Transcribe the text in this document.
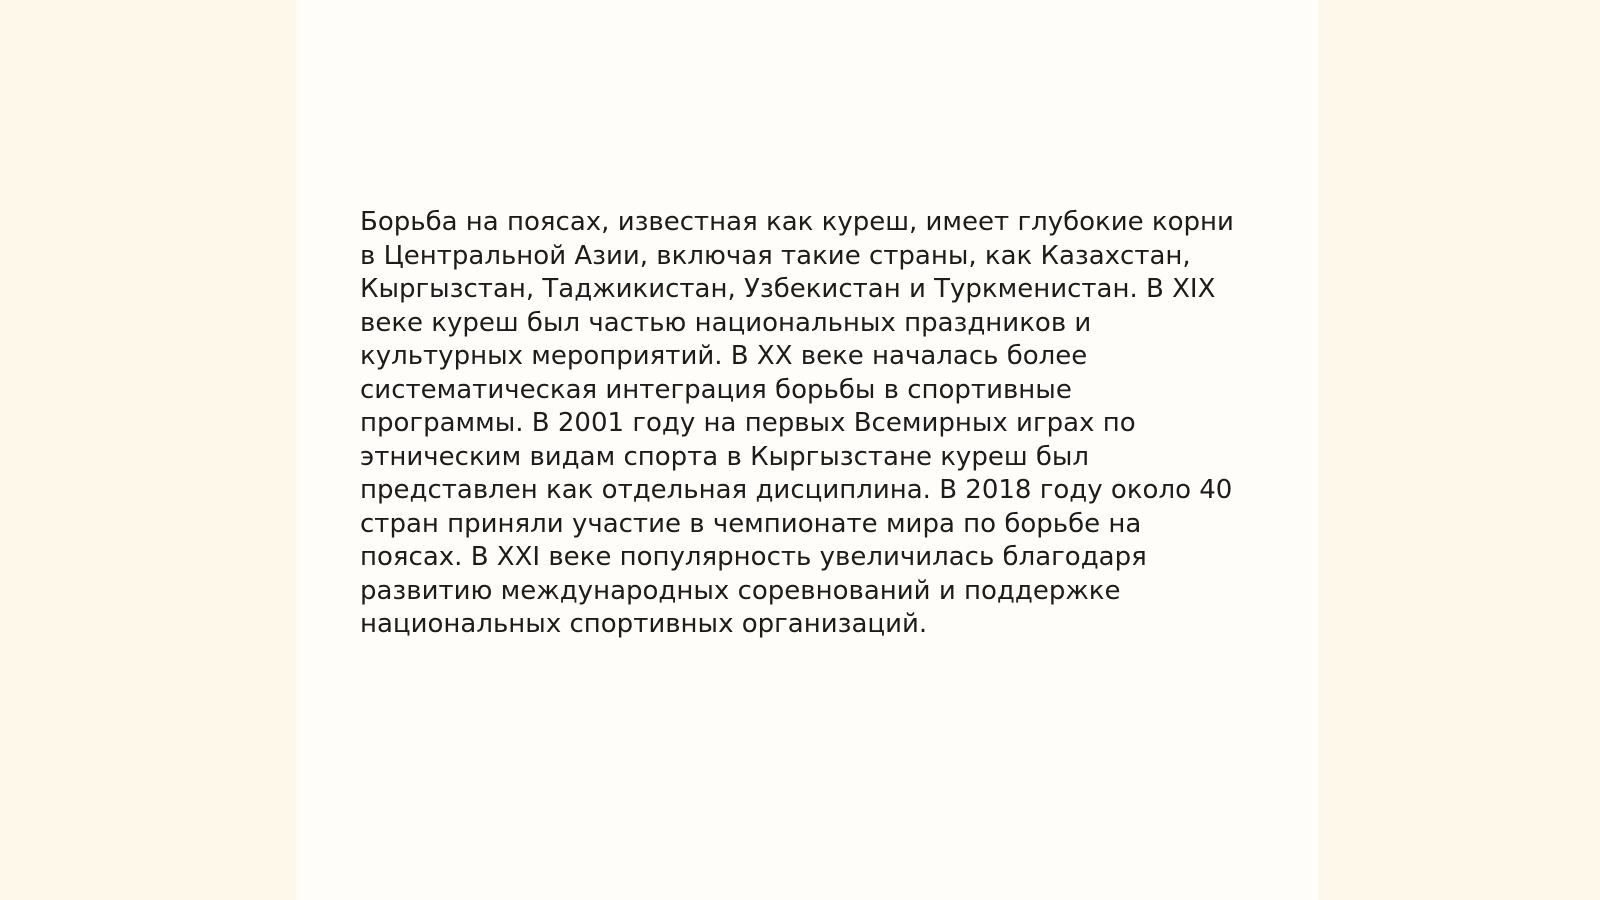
Борьба на поясах, известная как куреш, имеет глубокие корни
в Центральной Азии, включая такие страны, как Казахстан,
Кыргызстан, Таджикистан, Узбекистан и Туркменистан. В XIX
веке куреш был частью национальных праздников и
культурных мероприятий. В XX веке началась более
систематическая интеграция борьбы в спортивные
программы. В 2001 году на первых Всемирных играх по
этническим видам спорта в Кыргызстане куреш был
представлен как отдельная дисциплина. В 2018 году около 40
стран приняли участие в чемпионате мира по борьбе на
поясах. В XXI веке популярность увеличилась благодаря
развитию международных соревнований и поддержке
национальных спортивных организаций.
